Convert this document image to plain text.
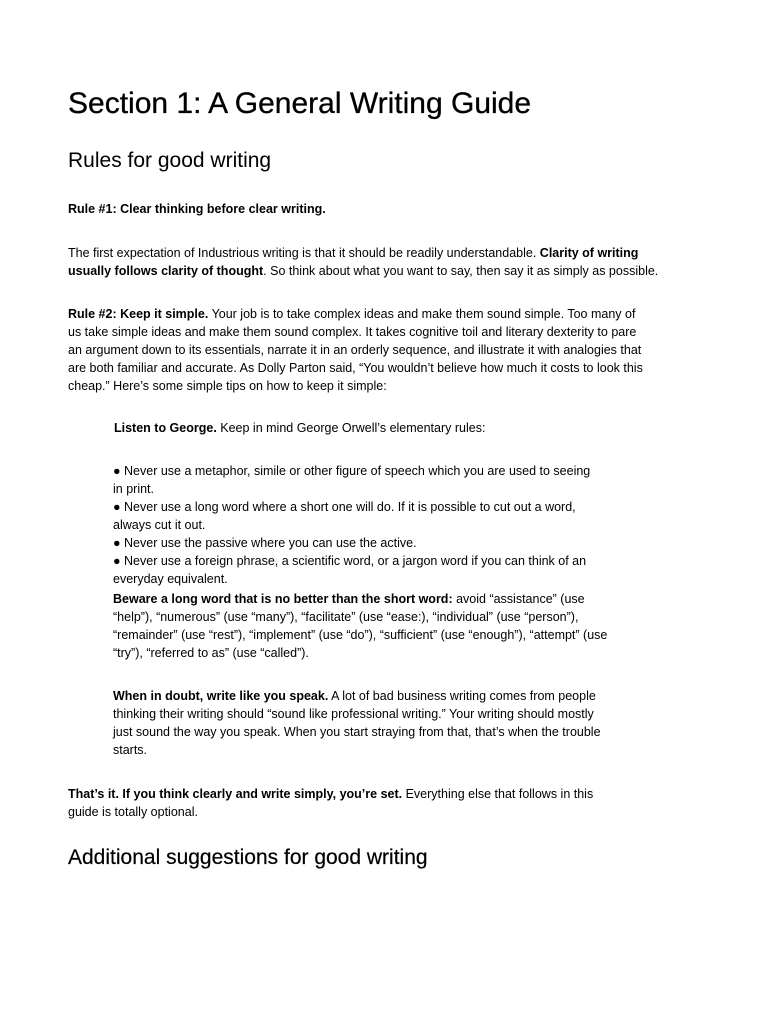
Section 1: A General Writing Guide
Rules for good writing
Rule #1: Clear thinking before clear writing.
The first expectation of Industrious writing is that it should be readily understandable. Clarity of writing
usually follows clarity of thought. So think about what you want to say, then say it as simply as possible.
Rule #2: Keep it simple. Your job is to take complex ideas and make them sound simple. Too many of
us take simple ideas and make them sound complex. It takes cognitive toil and literary dexterity to pare
an argument down to its essentials, narrate it in an orderly sequence, and illustrate it with analogies that
are both familiar and accurate. As Dolly Parton said, “You wouldn’t believe how much it costs to look this
cheap.” Here’s some simple tips on how to keep it simple:
Listen to George. Keep in mind George Orwell’s elementary rules:
● Never use a metaphor, simile or other figure of speech which you are used to seeing
in print.
● Never use a long word where a short one will do. If it is possible to cut out a word,
always cut it out.
● Never use the passive where you can use the active.
● Never use a foreign phrase, a scientific word, or a jargon word if you can think of an
everyday equivalent.
Beware a long word that is no better than the short word: avoid “assistance” (use
“help”), “numerous” (use “many”), “facilitate” (use “ease:), “individual” (use “person”),
“remainder” (use “rest”), “implement” (use “do”), “sufficient” (use “enough”), “attempt” (use
“try”), “referred to as” (use “called”).
When in doubt, write like you speak. A lot of bad business writing comes from people
thinking their writing should “sound like professional writing.” Your writing should mostly
just sound the way you speak. When you start straying from that, that’s when the trouble
starts.
That’s it. If you think clearly and write simply, you’re set. Everything else that follows in this
guide is totally optional.
Additional suggestions for good writing
